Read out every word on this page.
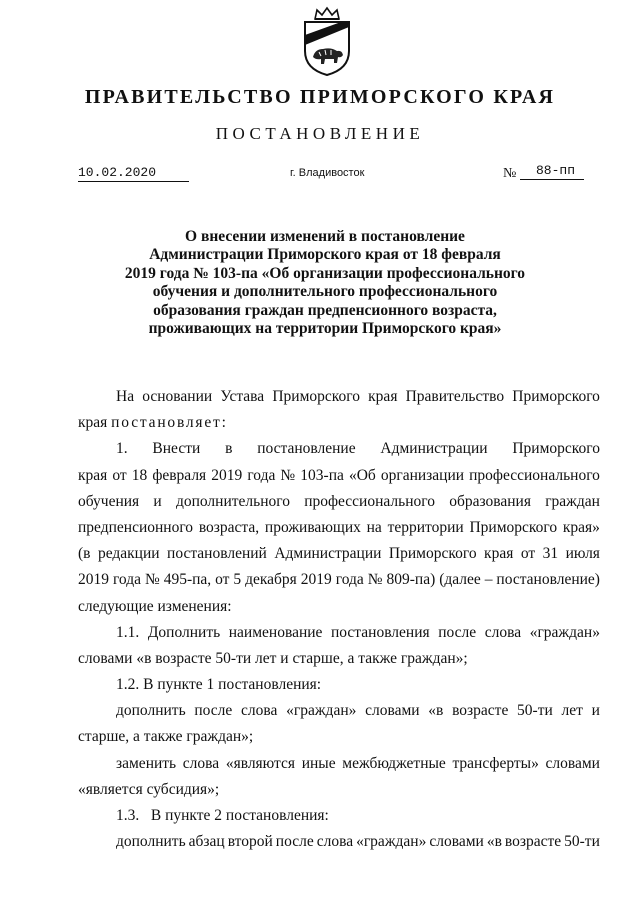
ПРАВИТЕЛЬСТВО ПРИМОРСКОГО КРАЯ
ПОСТАНОВЛЕНИЕ
10.02.2020	г. Владивосток	№ 88-пп
О внесении изменений в постановление
Администрации Приморского края от 18 февраля
2019 года № 103-па «Об организации профессионального
обучения и дополнительного профессионального
образования граждан предпенсионного возраста,
проживающих на территории Приморского края»
На основании Устава Приморского края Правительство Приморского
края постановляет:
1. Внести в постановление Администрации Приморского
края от 18 февраля 2019 года № 103-па «Об организации профессионального
обучения и дополнительного профессионального образования граждан
предпенсионного возраста, проживающих на территории Приморского края»
(в редакции постановлений Администрации Приморского края от 31 июля
2019 года № 495-па, от 5 декабря 2019 года № 809-па) (далее – постановление)
следующие изменения:
1.1. Дополнить наименование постановления после слова «граждан»
словами «в возрасте 50-ти лет и старше, а также граждан»;
1.2. В пункте 1 постановления:
дополнить после слова «граждан» словами «в возрасте 50-ти лет и
старше, а также граждан»;
заменить слова «являются иные межбюджетные трансферты» словами
«является субсидия»;
1.3.   В пункте 2 постановления:
дополнить абзац второй после слова «граждан» словами «в возрасте 50-ти
